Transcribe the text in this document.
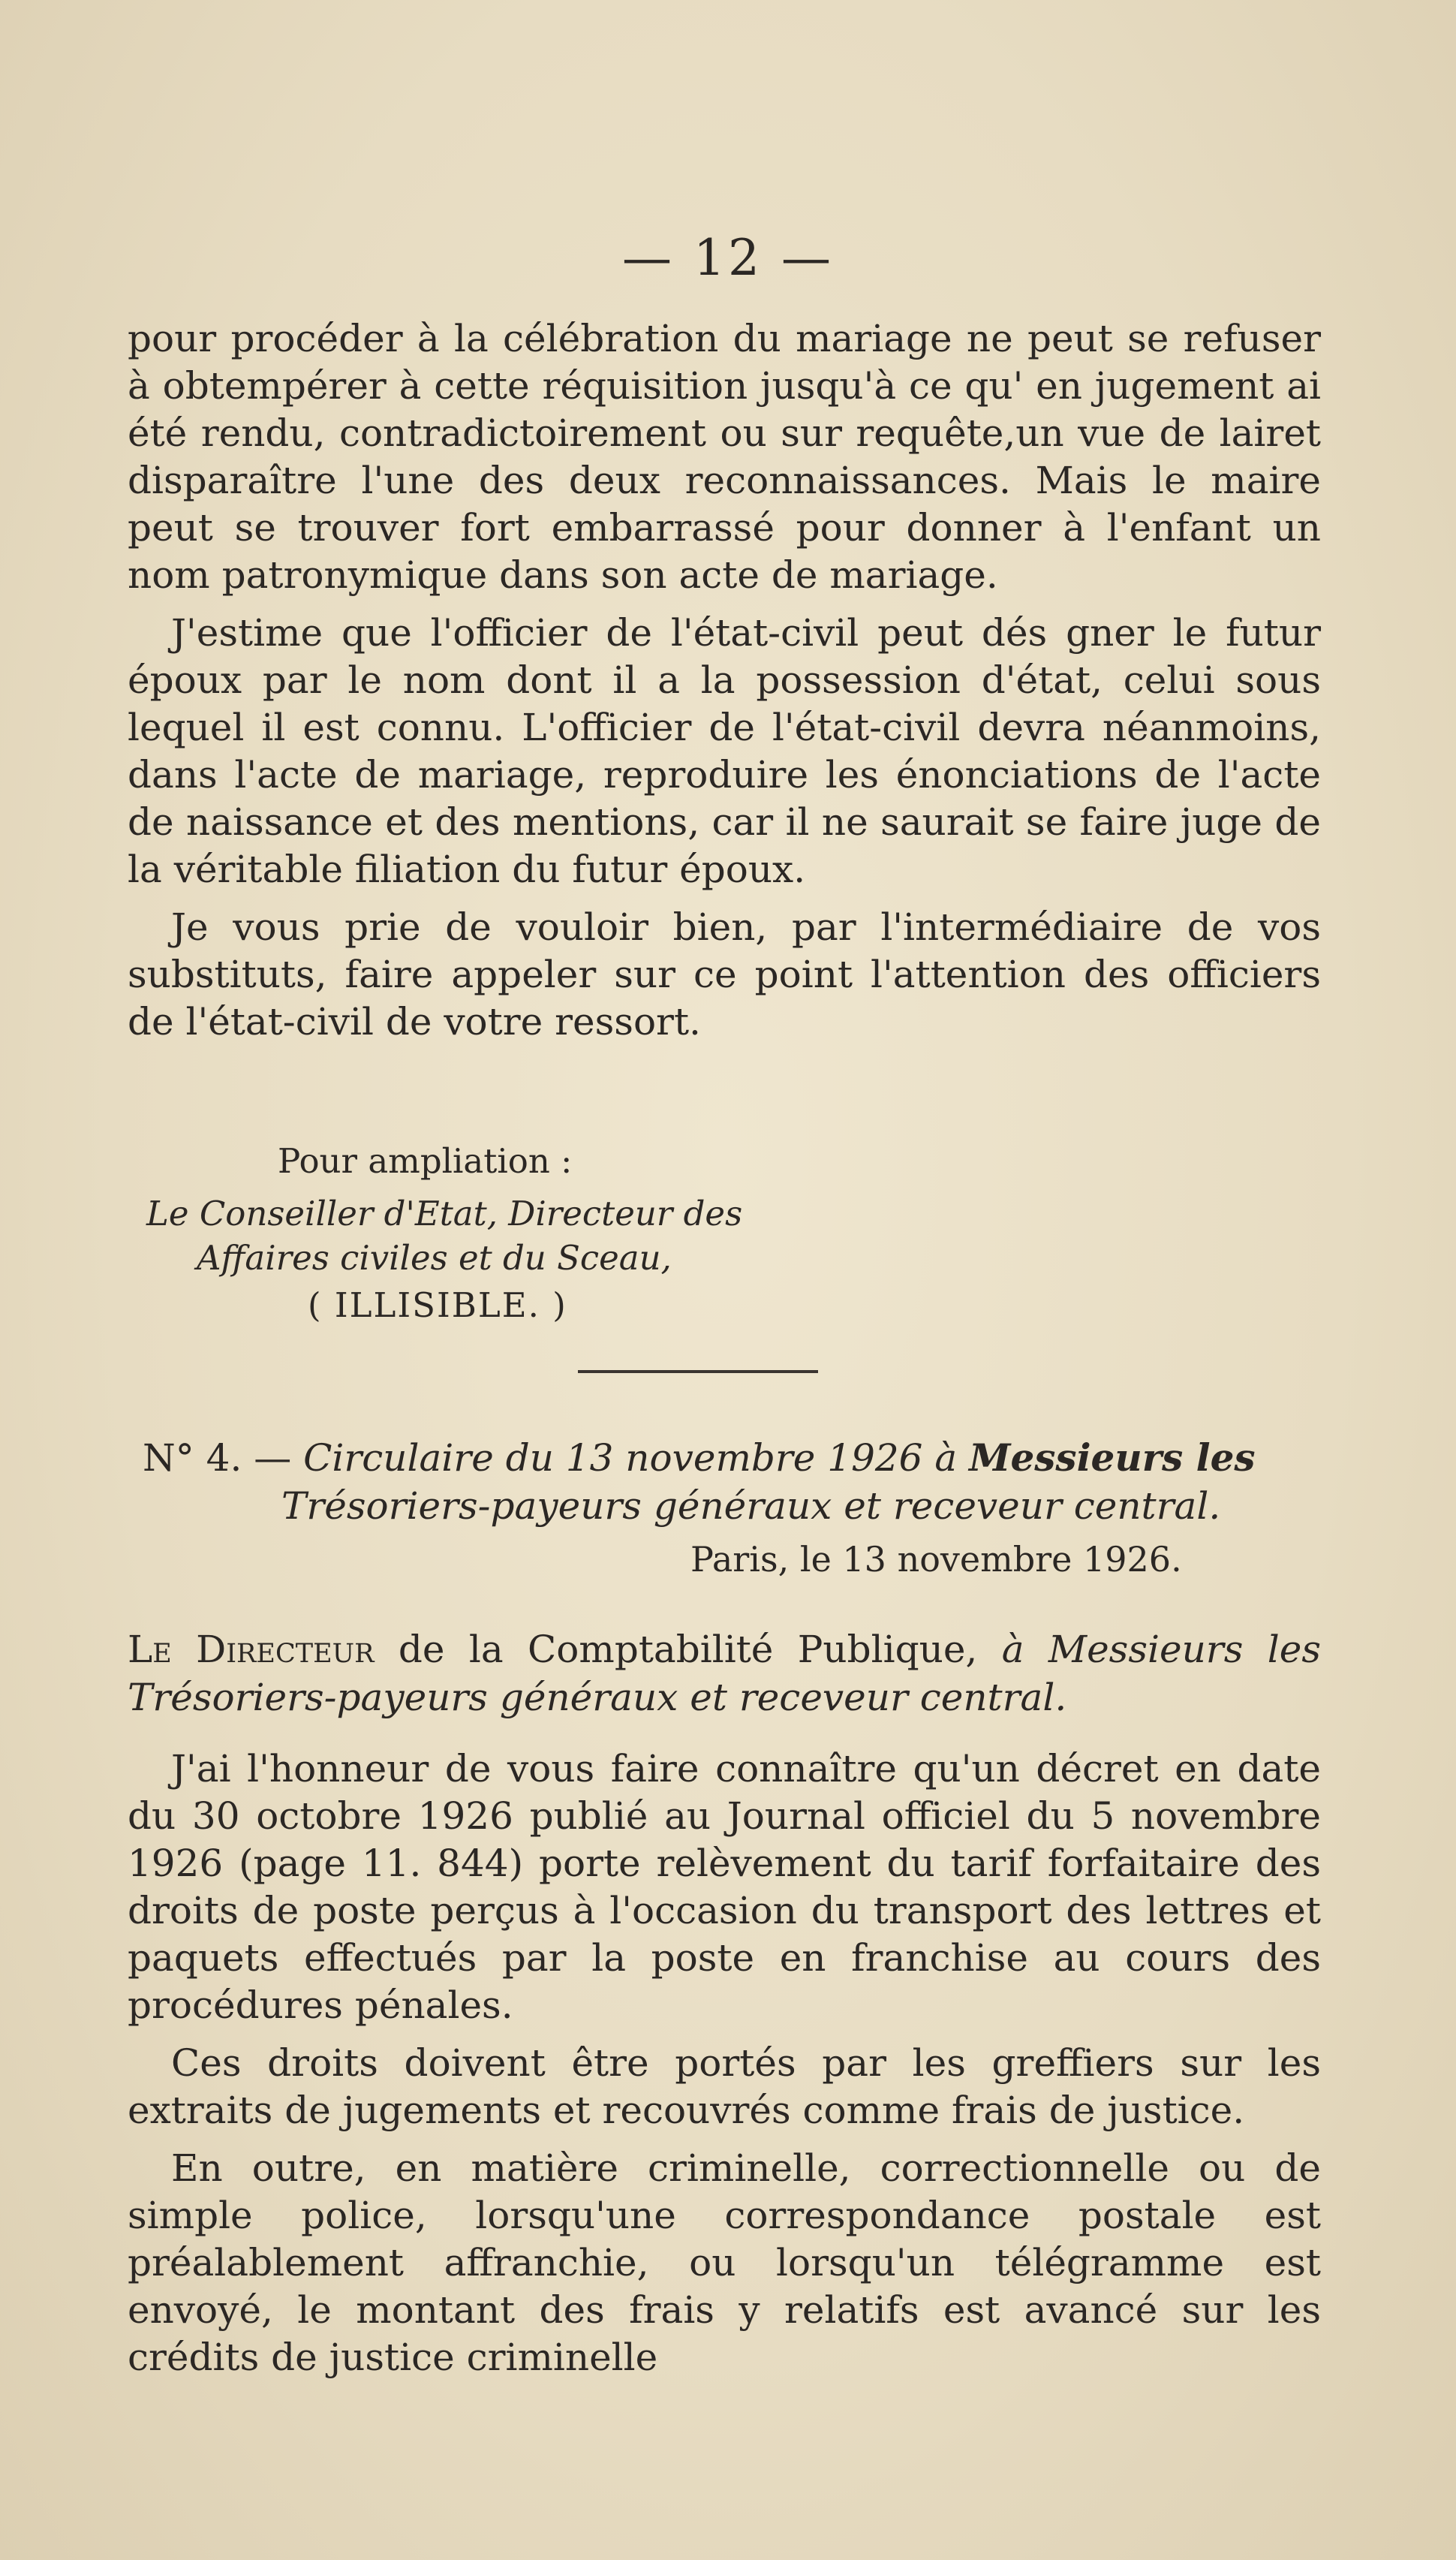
— 12 —

pour procéder à la célébration du mariage ne peut se refuser à obtempérer à cette réquisition jusqu'à ce qu' en jugement ai été rendu, contradictoirement ou sur requête,un vue de lairet disparaître l'une des deux reconnaissances. Mais le maire peut se trouver fort embarrassé pour donner à l'enfant un nom patronymique dans son acte de mariage.

J'estime que l'officier de l'état-civil peut dés gner le futur époux par le nom dont il a la possession d'état, celui sous lequel il est connu. L'officier de l'état-civil devra néanmoins, dans l'acte de mariage, reproduire les énonciations de l'acte de naissance et des mentions, car il ne saurait se faire juge de la véritable filiation du futur époux.

Je vous prie de vouloir bien, par l'intermédiaire de vos substituts, faire appeler sur ce point l'attention des officiers de l'état-civil de votre ressort.

Pour ampliation :
Le Conseiller d'Etat, Directeur des
Affaires civiles et du Sceau,
( ILLISIBLE. )
N° 4. — Circulaire du 13 novembre 1926 à Messieurs les
Trésoriers-payeurs généraux et receveur central.
Paris, le 13 novembre 1926.
Le Directeur de la Comptabilité Publique, à Messieurs les Trésoriers-payeurs généraux et receveur central.

J'ai l'honneur de vous faire connaître qu'un décret en date du 30 octobre 1926 publié au Journal officiel du 5 novembre 1926 (page 11. 844) porte relèvement du tarif forfaitaire des droits de poste perçus à l'occasion du transport des lettres et paquets effectués par la poste en franchise au cours des procédures pénales.

Ces droits doivent être portés par les greffiers sur les extraits de jugements et recouvrés comme frais de justice.

En outre, en matière criminelle, correctionnelle ou de simple police, lorsqu'une correspondance postale est préalablement affranchie, ou lorsqu'un télégramme est envoyé, le montant des frais y relatifs est avancé sur les crédits de justice criminelle
